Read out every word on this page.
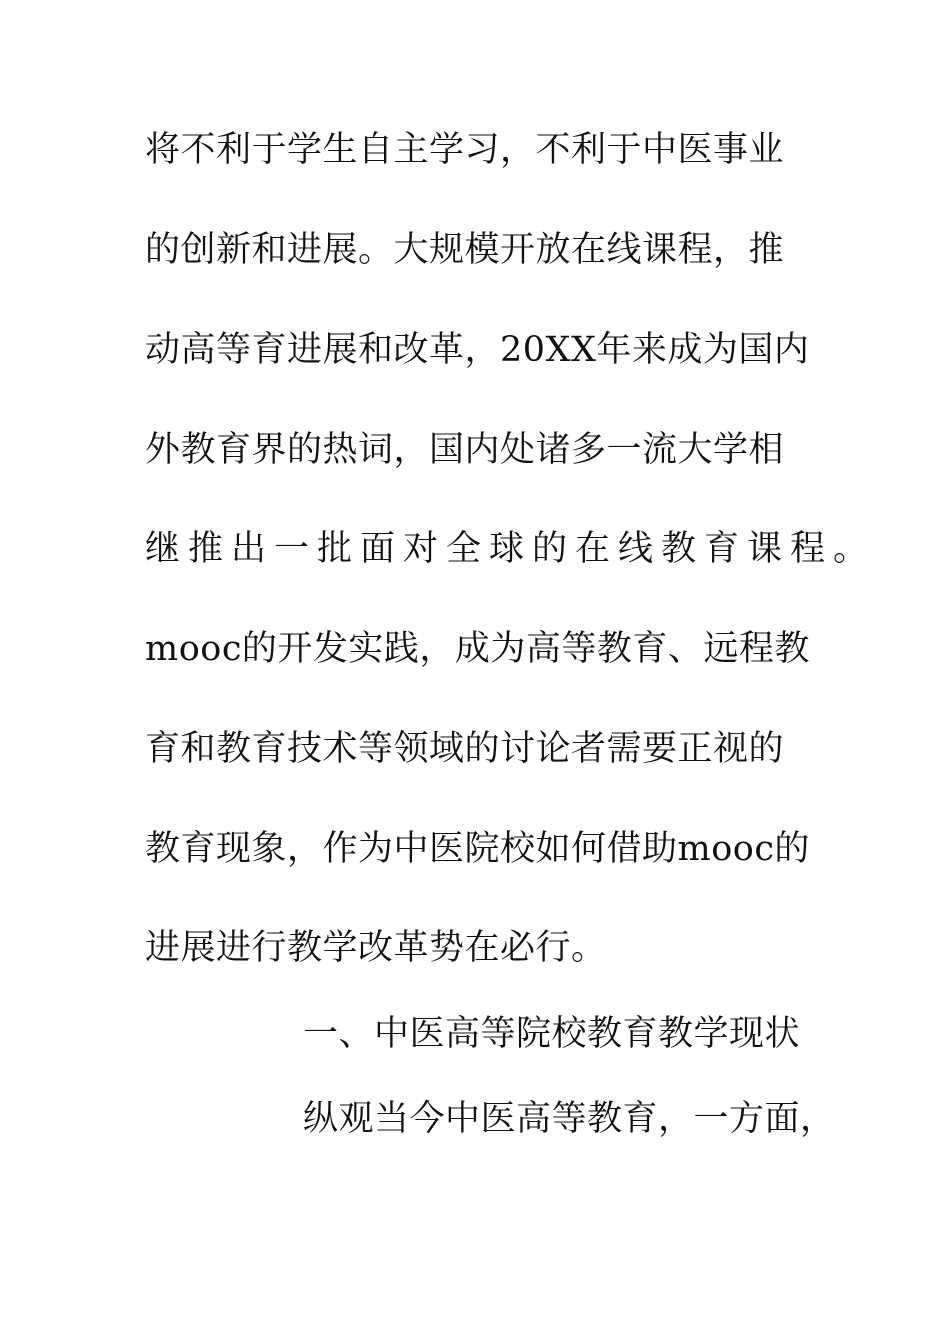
将不利于学生自主学习，不利于中医事业
的创新和进展。大规模开放在线课程，推
动高等育进展和改革，20XX年来成为国内
外教育界的热词，国内处诸多一流大学相
继推出一批面对全球的在线教育课程。
mooc的开发实践，成为高等教育、远程教
育和教育技术等领域的讨论者需要正视的
教育现象，作为中医院校如何借助mooc的
进展进行教学改革势在必行。
一、中医高等院校教育教学现状
纵观当今中医高等教育，一方面，
